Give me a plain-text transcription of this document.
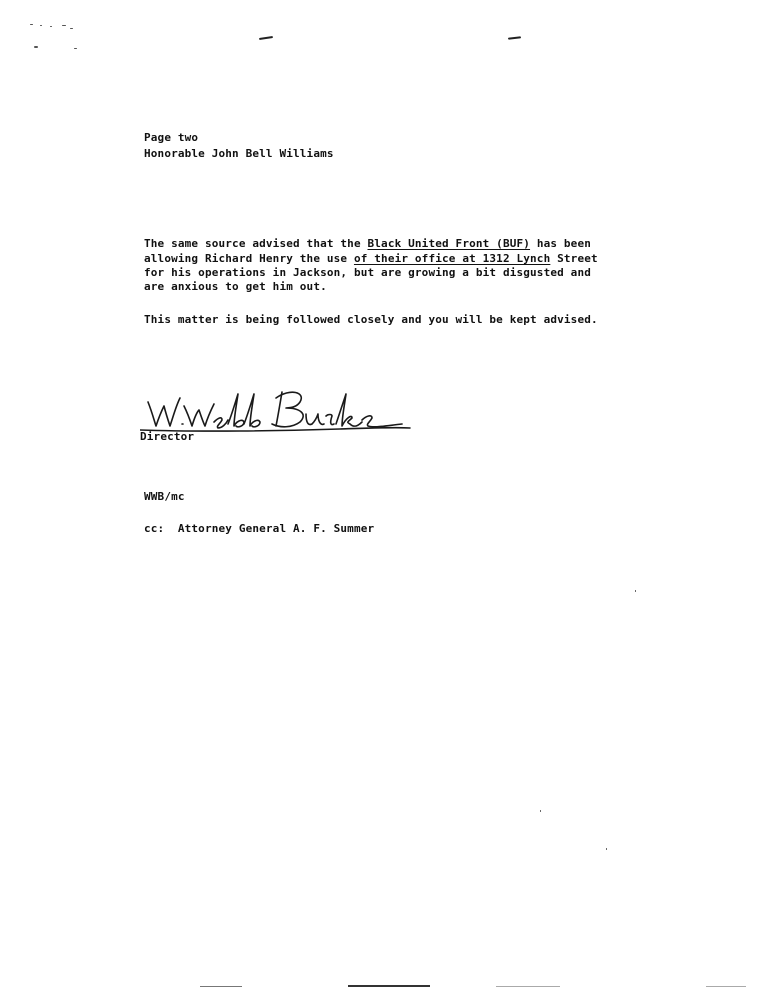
Page two
Honorable John Bell Williams
The same source advised that the Black United Front (BUF) has been
allowing Richard Henry the use of their office at 1312 Lynch Street
for his operations in Jackson, but are growing a bit disgusted and
are anxious to get him out.
This matter is being followed closely and you will be kept advised.
Director
WWB/mc
cc:  Attorney General A. F. Summer
